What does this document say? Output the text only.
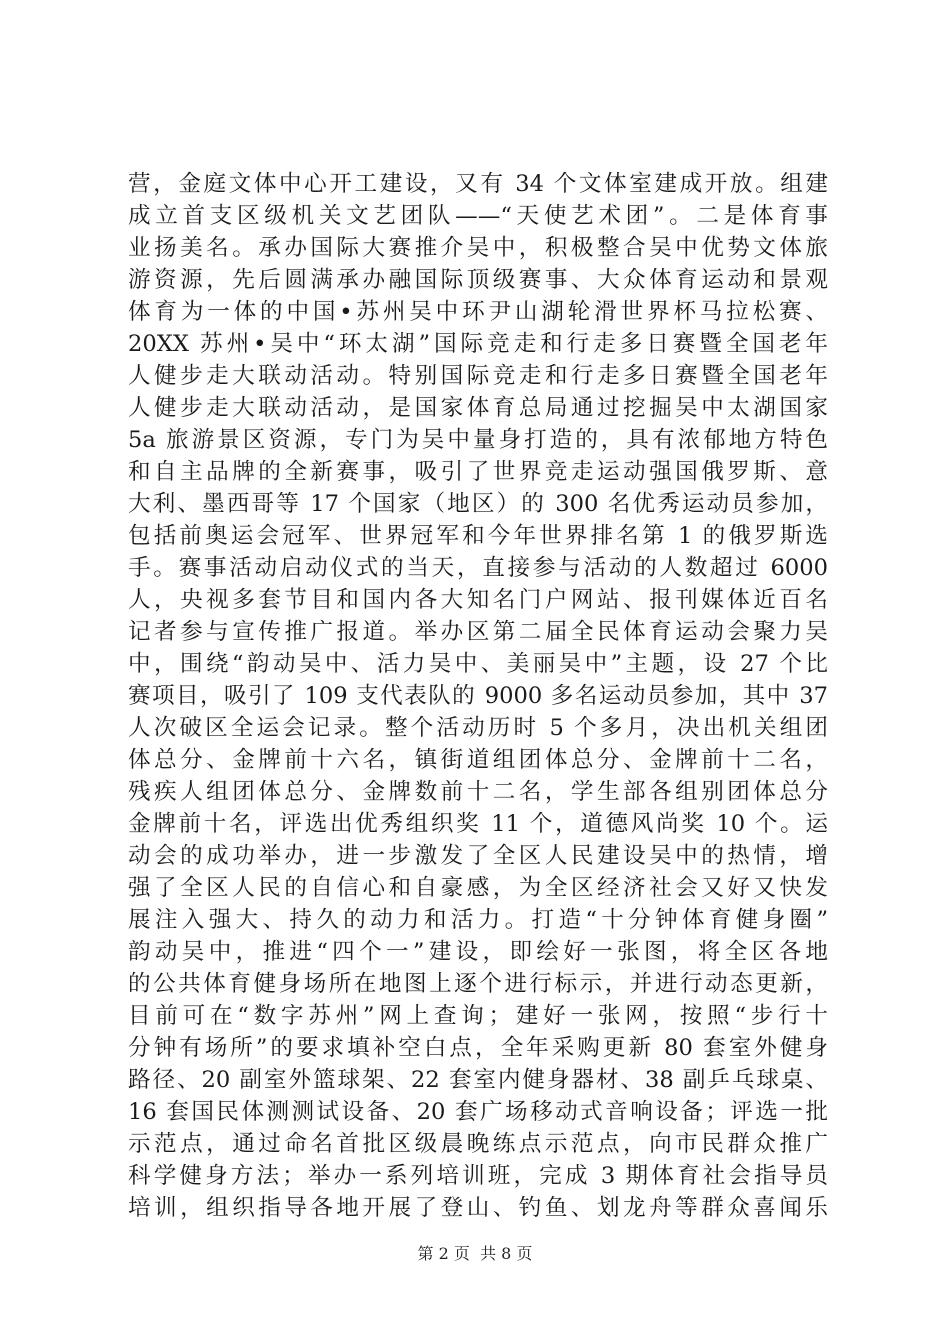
营，金庭文体中心开工建设，又有 34 个文体室建成开放。组建
成立首支区级机关文艺团队——“天使艺术团”。二是体育事
业扬美名。承办国际大赛推介吴中，积极整合吴中优势文体旅
游资源，先后圆满承办融国际顶级赛事、大众体育运动和景观
体育为一体的中国•苏州吴中环尹山湖轮滑世界杯马拉松赛、
20XX 苏州•吴中“环太湖”国际竞走和行走多日赛暨全国老年
人健步走大联动活动。特别国际竞走和行走多日赛暨全国老年
人健步走大联动活动，是国家体育总局通过挖掘吴中太湖国家
5a 旅游景区资源，专门为吴中量身打造的，具有浓郁地方特色
和自主品牌的全新赛事，吸引了世界竞走运动强国俄罗斯、意
大利、墨西哥等 17 个国家（地区）的 300 名优秀运动员参加，
包括前奥运会冠军、世界冠军和今年世界排名第 1 的俄罗斯选
手。赛事活动启动仪式的当天，直接参与活动的人数超过 6000
人，央视多套节目和国内各大知名门户网站、报刊媒体近百名
记者参与宣传推广报道。举办区第二届全民体育运动会聚力吴
中，围绕“韵动吴中、活力吴中、美丽吴中”主题，设 27 个比
赛项目，吸引了 109 支代表队的 9000 多名运动员参加，其中 37
人次破区全运会记录。整个活动历时 5 个多月，决出机关组团
体总分、金牌前十六名，镇街道组团体总分、金牌前十二名，
残疾人组团体总分、金牌数前十二名，学生部各组别团体总分
金牌前十名，评选出优秀组织奖 11 个，道德风尚奖 10 个。运
动会的成功举办，进一步激发了全区人民建设吴中的热情，增
强了全区人民的自信心和自豪感，为全区经济社会又好又快发
展注入强大、持久的动力和活力。打造“十分钟体育健身圈”
韵动吴中，推进“四个一”建设，即绘好一张图，将全区各地
的公共体育健身场所在地图上逐个进行标示，并进行动态更新，
目前可在“数字苏州”网上查询；建好一张网，按照“步行十
分钟有场所”的要求填补空白点，全年采购更新 80 套室外健身
路径、20 副室外篮球架、22 套室内健身器材、38 副乒乓球桌、
16 套国民体测测试设备、20 套广场移动式音响设备；评选一批
示范点，通过命名首批区级晨晚练点示范点，向市民群众推广
科学健身方法；举办一系列培训班，完成 3 期体育社会指导员
培训，组织指导各地开展了登山、钓鱼、划龙舟等群众喜闻乐
第 2 页  共 8 页
